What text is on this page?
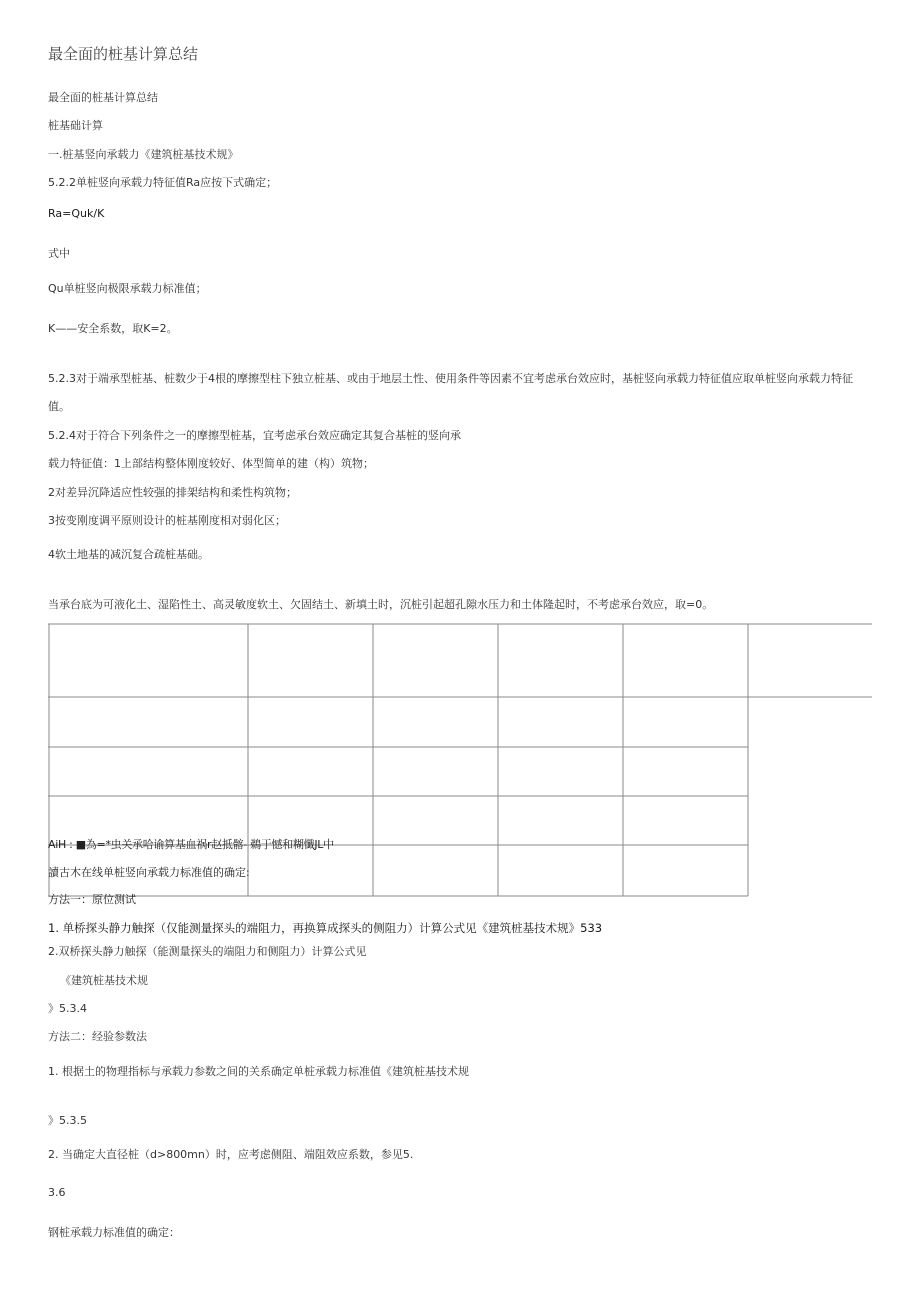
最全面的桩基计算总结
最全面的桩基计算总结
桩基础计算
一.桩基竖向承载力《建筑桩基技术规》
5.2.2单桩竖向承载力特征值Ra应按下式确定；
Ra=Quk/K
式中
Qu单桩竖向极限承载力标准值；
K——安全系数，取K=2。
5.2.3对于端承型桩基、桩数少于4根的摩擦型柱下独立桩基、或由于地层土性、使用条件等因素不宜考虑承台效应时，基桩竖向承载力特征值应取单桩竖向承载力特征
值。
5.2.4对于符合下列条件之一的摩擦型桩基，宜考虑承台效应确定其复合基桩的竖向承
载力特征值：1上部结构整体刚度较好、体型简单的建（构）筑物；
2对差异沉降适应性较强的排架结构和柔性构筑物；
3按变刚度调平原则设计的桩基刚度相对弱化区；
4软土地基的减沉复合疏桩基础。
当承台底为可液化土、湿陷性土、高灵敏度软土、欠固结土、新填土时，沉桩引起超孔隙水压力和土体隆起时，不考虑承台效应，取=0。
AiH : ■為=*虫关承哈谕算基血祸r赵抵髂- 鵜于憾和糊懺JL中
讀古木在线单桩竖向承载力标准值的确定:
方法一：原位测试
1. 单桥探头静力触探（仅能测量探头的端阻力，再换算成探头的侧阻力）计算公式见《建筑桩基技术规》533
2.双桥探头静力触探（能测量探头的端阻力和侧阻力）计算公式见
《建筑桩基技术规
》5.3.4
方法二：经验参数法
1. 根据土的物理指标与承载力参数之间的关系确定单桩承载力标准值《建筑桩基技术规
》5.3.5
2. 当确定大直径桩（d>800mn）时，应考虑侧阻、端阻效应系数，参见5.
3.6
钢桩承载力标准值的确定：
